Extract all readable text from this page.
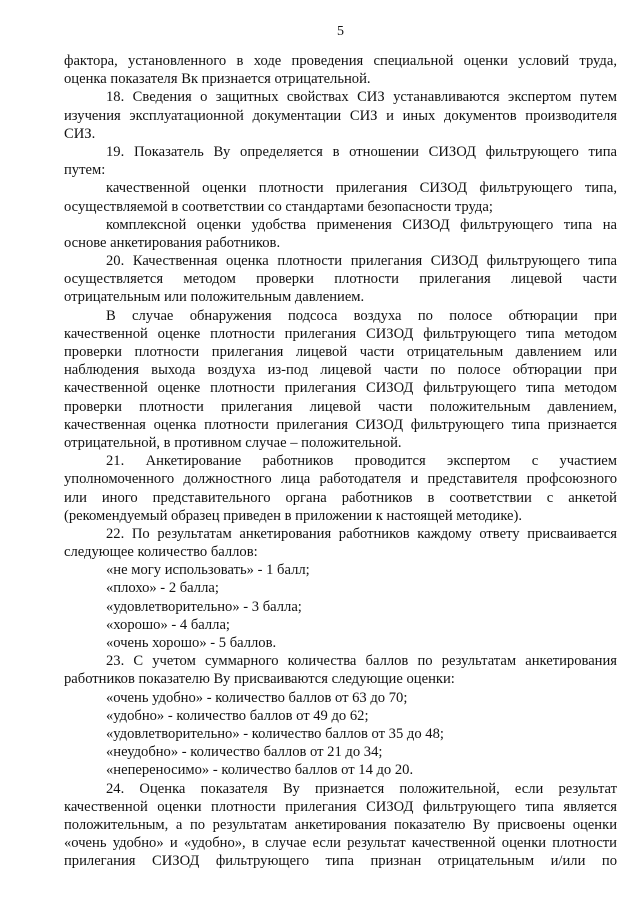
5
фактора, установленного в ходе проведения специальной оценки условий труда,
оценка показателя Вк признается отрицательной.
18. Сведения о защитных свойствах СИЗ устанавливаются экспертом путем
изучения эксплуатационной документации СИЗ и иных документов производителя
СИЗ.
19. Показатель Ву определяется в отношении СИЗОД фильтрующего типа
путем:
качественной оценки плотности прилегания СИЗОД фильтрующего типа,
осуществляемой в соответствии со стандартами безопасности труда;
комплексной оценки удобства применения СИЗОД фильтрующего типа на
основе анкетирования работников.
20. Качественная оценка плотности прилегания СИЗОД фильтрующего типа
осуществляется методом проверки плотности прилегания лицевой части
отрицательным или положительным давлением.
В случае обнаружения подсоса воздуха по полосе обтюрации при
качественной оценке плотности прилегания СИЗОД фильтрующего типа методом
проверки плотности прилегания лицевой части отрицательным давлением или
наблюдения выхода воздуха из-под лицевой части по полосе обтюрации при
качественной оценке плотности прилегания СИЗОД фильтрующего типа методом
проверки плотности прилегания лицевой части положительным давлением,
качественная оценка плотности прилегания СИЗОД фильтрующего типа признается
отрицательной, в противном случае – положительной.
21. Анкетирование работников проводится экспертом с участием
уполномоченного должностного лица работодателя и представителя профсоюзного
или иного представительного органа работников в соответствии с анкетой
(рекомендуемый образец приведен в приложении к настоящей методике).
22. По результатам анкетирования работников каждому ответу присваивается
следующее количество баллов:
«не могу использовать» - 1 балл;
«плохо» - 2 балла;
«удовлетворительно» - 3 балла;
«хорошо» - 4 балла;
«очень хорошо» - 5 баллов.
23. С учетом суммарного количества баллов по результатам анкетирования
работников показателю Ву присваиваются следующие оценки:
«очень удобно» - количество баллов от 63 до 70;
«удобно» - количество баллов от 49 до 62;
«удовлетворительно» - количество баллов от 35 до 48;
«неудобно» - количество баллов от 21 до 34;
«непереносимо» - количество баллов от 14 до 20.
24. Оценка показателя Ву признается положительной, если результат
качественной оценки плотности прилегания СИЗОД фильтрующего типа является
положительным, а по результатам анкетирования показателю Ву присвоены оценки
«очень удобно» и «удобно», в случае если результат качественной оценки плотности
прилегания СИЗОД фильтрующего типа признан отрицательным и/или по
